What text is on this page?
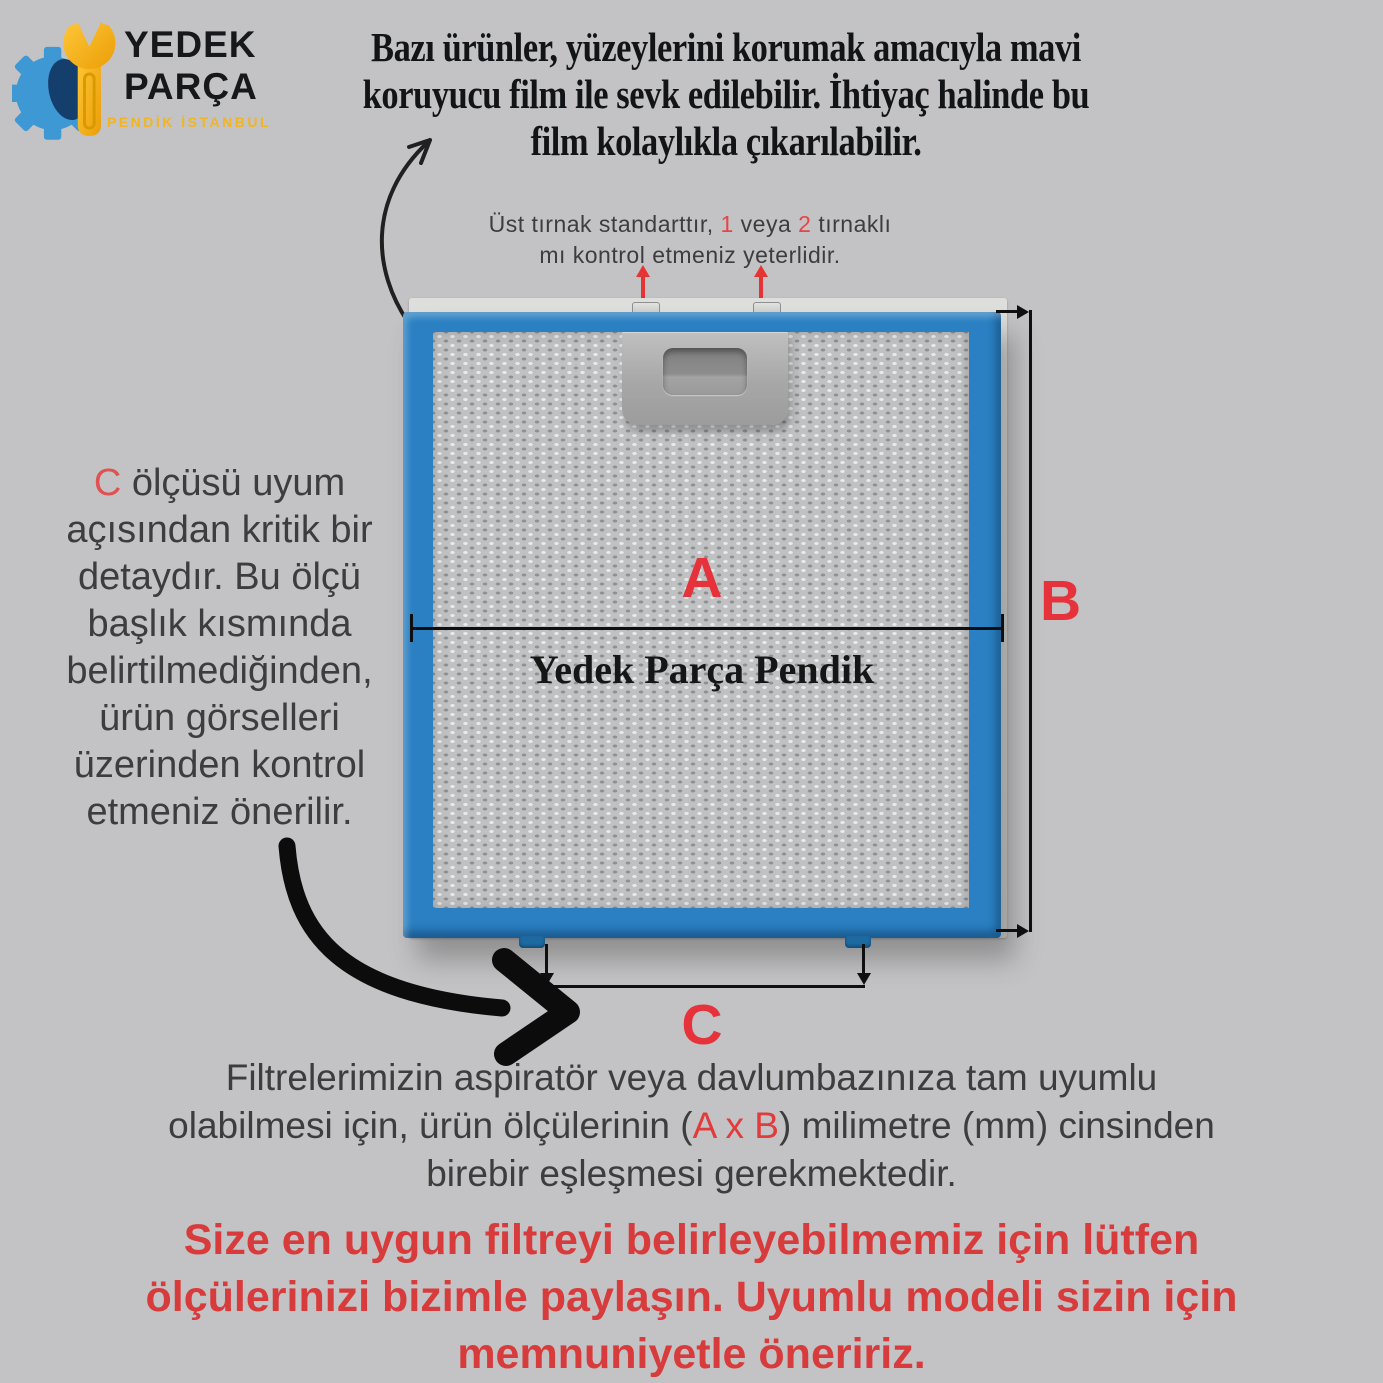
YEDEK
PARÇA
PENDİK İSTANBUL
Bazı ürünler, yüzeylerini korumak amacıyla mavi
koruyucu film ile sevk edilebilir. İhtiyaç halinde bu
film kolaylıkla çıkarılabilir.
Üst tırnak standarttır, 1 veya 2 tırnaklı
mı kontrol etmeniz yeterlidir.
Yedek Parça Pendik
A	B
C
C ölçüsü uyum
açısından kritik bir
detaydır. Bu ölçü
başlık kısmında
belirtilmediğinden,
ürün görselleri
üzerinden kontrol
etmeniz önerilir.
Filtrelerimizin aspiratör veya davlumbazınıza tam uyumlu
olabilmesi için, ürün ölçülerinin (A x B) milimetre (mm) cinsinden
birebir eşleşmesi gerekmektedir.
Size en uygun filtreyi belirleyebilmemiz için lütfen
ölçülerinizi bizimle paylaşın. Uyumlu modeli sizin için
memnuniyetle öneririz.
